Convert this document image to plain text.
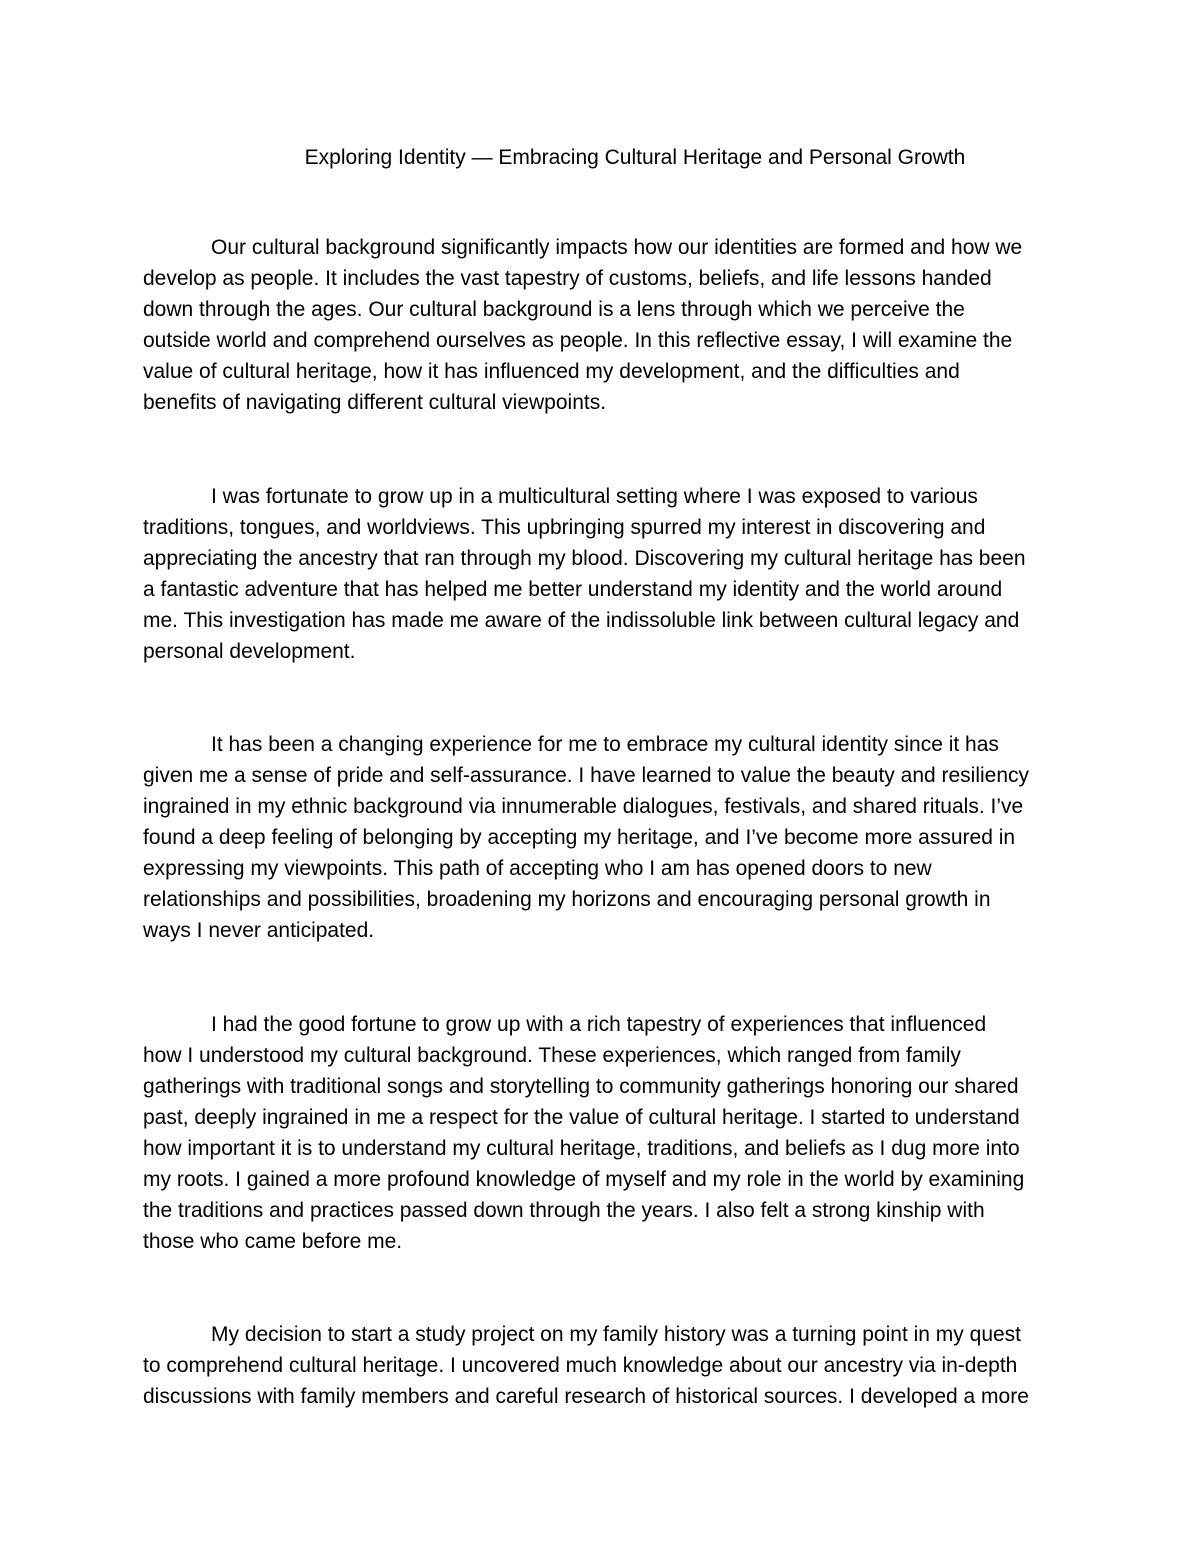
Exploring Identity — Embracing Cultural Heritage and Personal Growth
Our cultural background significantly impacts how our identities are formed and how we
develop as people. It includes the vast tapestry of customs, beliefs, and life lessons handed
down through the ages. Our cultural background is a lens through which we perceive the
outside world and comprehend ourselves as people. In this reflective essay, I will examine the
value of cultural heritage, how it has influenced my development, and the difficulties and
benefits of navigating different cultural viewpoints.
I was fortunate to grow up in a multicultural setting where I was exposed to various
traditions, tongues, and worldviews. This upbringing spurred my interest in discovering and
appreciating the ancestry that ran through my blood. Discovering my cultural heritage has been
a fantastic adventure that has helped me better understand my identity and the world around
me. This investigation has made me aware of the indissoluble link between cultural legacy and
personal development.
It has been a changing experience for me to embrace my cultural identity since it has
given me a sense of pride and self-assurance. I have learned to value the beauty and resiliency
ingrained in my ethnic background via innumerable dialogues, festivals, and shared rituals. I’ve
found a deep feeling of belonging by accepting my heritage, and I’ve become more assured in
expressing my viewpoints. This path of accepting who I am has opened doors to new
relationships and possibilities, broadening my horizons and encouraging personal growth in
ways I never anticipated.
I had the good fortune to grow up with a rich tapestry of experiences that influenced
how I understood my cultural background. These experiences, which ranged from family
gatherings with traditional songs and storytelling to community gatherings honoring our shared
past, deeply ingrained in me a respect for the value of cultural heritage. I started to understand
how important it is to understand my cultural heritage, traditions, and beliefs as I dug more into
my roots. I gained a more profound knowledge of myself and my role in the world by examining
the traditions and practices passed down through the years. I also felt a strong kinship with
those who came before me.
My decision to start a study project on my family history was a turning point in my quest
to comprehend cultural heritage. I uncovered much knowledge about our ancestry via in-depth
discussions with family members and careful research of historical sources. I developed a more
